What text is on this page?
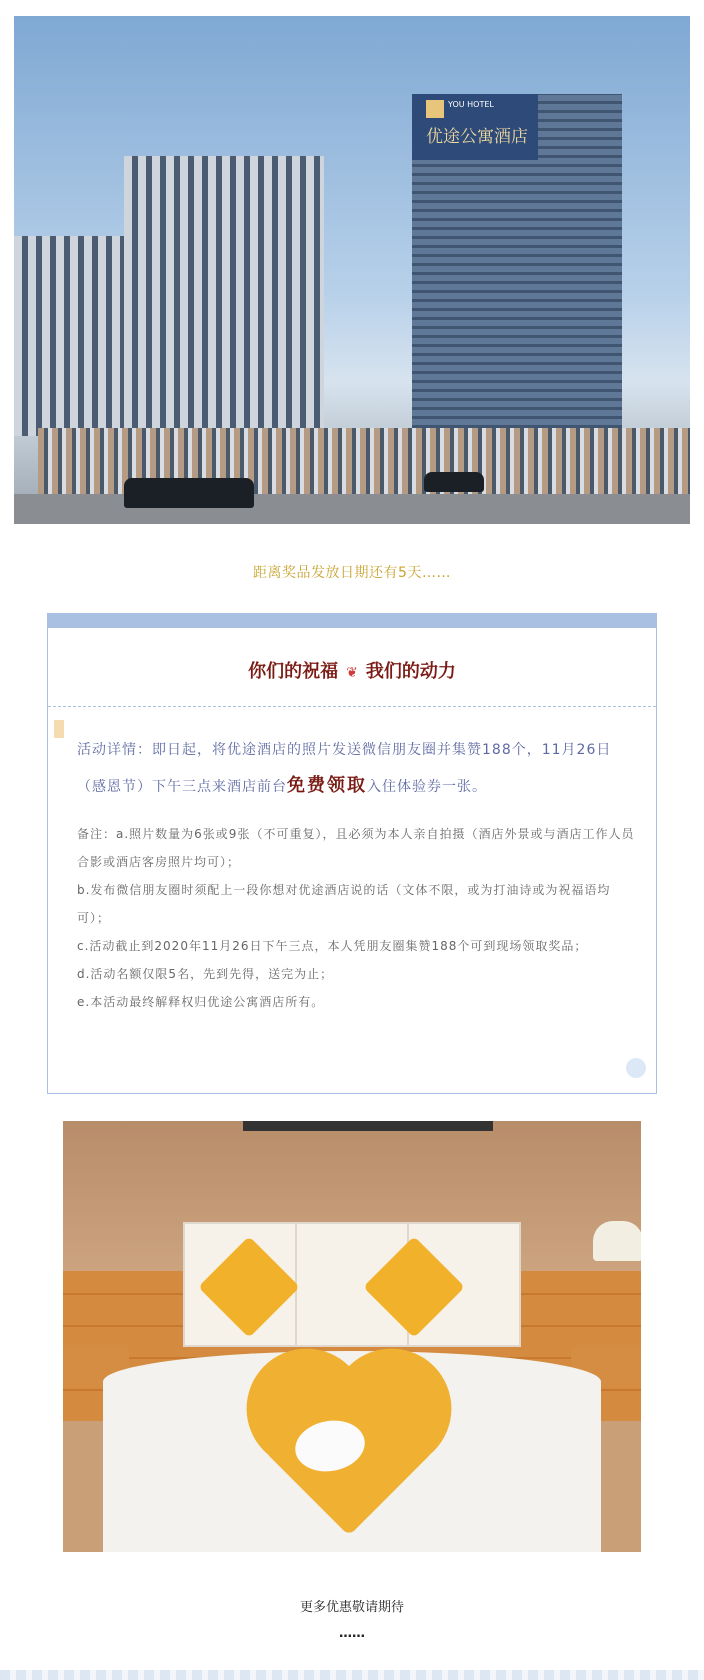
YOU HOTEL
优途公寓酒店
距离奖品发放日期还有5天……
你们的祝福 ❦ 我们的动力
活动详情：即日起，将优途酒店的照片发送微信朋友圈并集赞188个，11月26日（感恩节）下午三点来酒店前台免费领取入住体验券一张。

备注：a.照片数量为6张或9张（不可重复），且必须为本人亲自拍摄（酒店外景或与酒店工作人员合影或酒店客房照片均可）；

b.发布微信朋友圈时须配上一段你想对优途酒店说的话（文体不限，或为打油诗或为祝福语均可）；

c.活动截止到2020年11月26日下午三点，本人凭朋友圈集赞188个可到现场领取奖品；

d.活动名额仅限5名，先到先得，送完为止；

e.本活动最终解释权归优途公寓酒店所有。

更多优惠敬请期待
……
